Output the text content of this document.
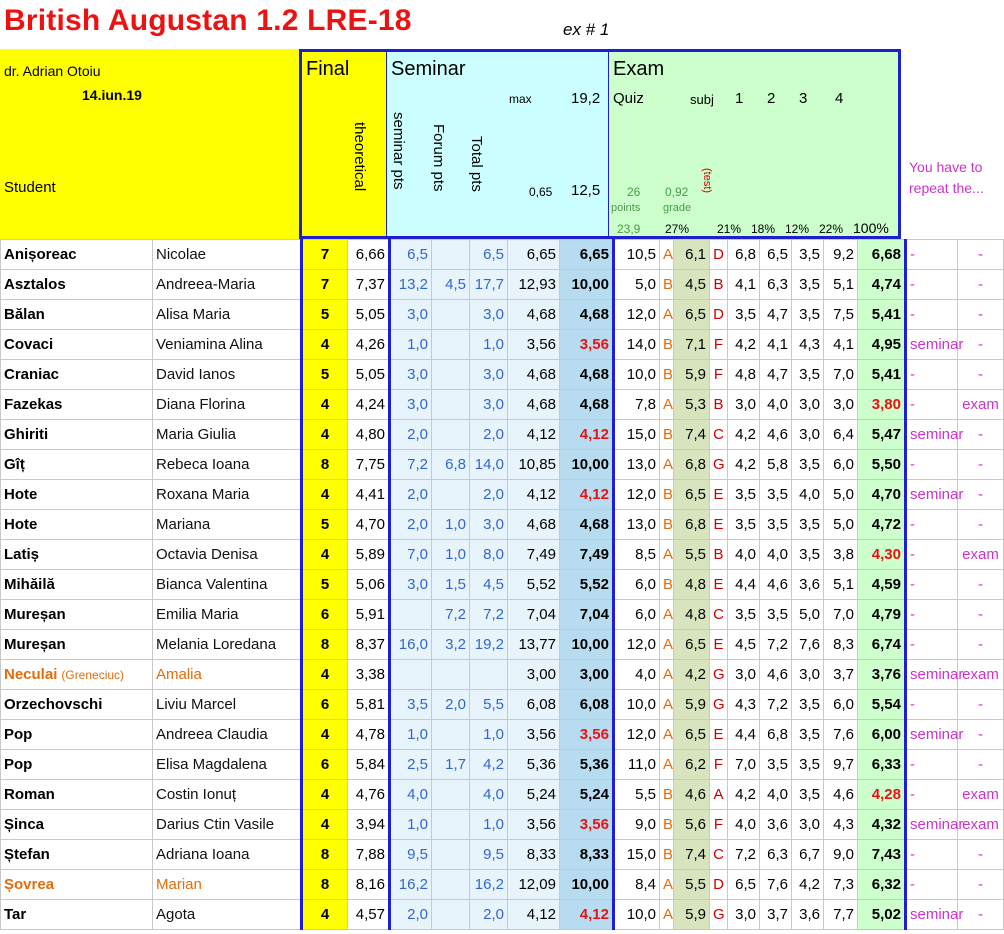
British Augustan 1.2 LRE-18	ex # 1
dr. Adrian Otoiu
14.iun.19
Student
Final
theoretical
Seminar
seminar pts Forum pts Total pts
max	19,2
0,65 12,5
Exam
Quiz	subj 1 2 3 4
26
points
23,9
0,92
grade
27%
(test)
21% 18% 12% 22% 100%
You have to repeat the...
Anișoreac	Nicolae	7	6,66	6,5		6,5	6,65	6,65	10,5	A	6,1	D	6,8	6,5	3,5	9,2	6,68	-	-	
Asztalos	Andreea-Maria	7	7,37	13,2	4,5	17,7	12,93	10,00	5,0	B	4,5	B	4,1	6,3	3,5	5,1	4,74	-	-	
Bălan	Alisa Maria	5	5,05	3,0		3,0	4,68	4,68	12,0	A	6,5	D	3,5	4,7	3,5	7,5	5,41	-	-	
Covaci	Veniamina Alina	4	4,26	1,0		1,0	3,56	3,56	14,0	B	7,1	F	4,2	4,1	4,3	4,1	4,95	seminar	-	
Craniac	David Ianos	5	5,05	3,0		3,0	4,68	4,68	10,0	B	5,9	F	4,8	4,7	3,5	7,0	5,41	-	-	
Fazekas	Diana Florina	4	4,24	3,0		3,0	4,68	4,68	7,8	A	5,3	B	3,0	4,0	3,0	3,0	3,80	-	exam	
Ghiriti	Maria Giulia	4	4,80	2,0		2,0	4,12	4,12	15,0	B	7,4	C	4,2	4,6	3,0	6,4	5,47	seminar	-	
Gîț	Rebeca Ioana	8	7,75	7,2	6,8	14,0	10,85	10,00	13,0	A	6,8	G	4,2	5,8	3,5	6,0	5,50	-	-	
Hote	Roxana Maria	4	4,41	2,0		2,0	4,12	4,12	12,0	B	6,5	E	3,5	3,5	4,0	5,0	4,70	seminar	-	
Hote	Mariana	5	4,70	2,0	1,0	3,0	4,68	4,68	13,0	B	6,8	E	3,5	3,5	3,5	5,0	4,72	-	-	
Latiș	Octavia Denisa	4	5,89	7,0	1,0	8,0	7,49	7,49	8,5	A	5,5	B	4,0	4,0	3,5	3,8	4,30	-	exam	
Mihăilă	Bianca Valentina	5	5,06	3,0	1,5	4,5	5,52	5,52	6,0	B	4,8	E	4,4	4,6	3,6	5,1	4,59	-	-	
Mureșan	Emilia Maria	6	5,91		7,2	7,2	7,04	7,04	6,0	A	4,8	C	3,5	3,5	5,0	7,0	4,79	-	-	
Mureșan	Melania Loredana	8	8,37	16,0	3,2	19,2	13,77	10,00	12,0	A	6,5	E	4,5	7,2	7,6	8,3	6,74	-	-	
Neculai (Greneciuc)	Amalia	4	3,38				3,00	3,00	4,0	A	4,2	G	3,0	4,6	3,0	3,7	3,76	seminar	exam	
Orzechovschi	Liviu Marcel	6	5,81	3,5	2,0	5,5	6,08	6,08	10,0	A	5,9	G	4,3	7,2	3,5	6,0	5,54	-	-	
Pop	Andreea Claudia	4	4,78	1,0		1,0	3,56	3,56	12,0	A	6,5	E	4,4	6,8	3,5	7,6	6,00	seminar	-	
Pop	Elisa Magdalena	6	5,84	2,5	1,7	4,2	5,36	5,36	11,0	A	6,2	F	7,0	3,5	3,5	9,7	6,33	-	-	
Roman	Costin Ionuț	4	4,76	4,0		4,0	5,24	5,24	5,5	B	4,6	A	4,2	4,0	3,5	4,6	4,28	-	exam	
Șinca	Darius Ctin Vasile	4	3,94	1,0		1,0	3,56	3,56	9,0	B	5,6	F	4,0	3,6	3,0	4,3	4,32	seminar	exam	
Ștefan	Adriana Ioana	8	7,88	9,5		9,5	8,33	8,33	15,0	B	7,4	C	7,2	6,3	6,7	9,0	7,43	-	-	
Șovrea	Marian	8	8,16	16,2		16,2	12,09	10,00	8,4	A	5,5	D	6,5	7,6	4,2	7,3	6,32	-	-	
Tar	Agota	4	4,57	2,0		2,0	4,12	4,12	10,0	A	5,9	G	3,0	3,7	3,6	7,7	5,02	seminar	-	
